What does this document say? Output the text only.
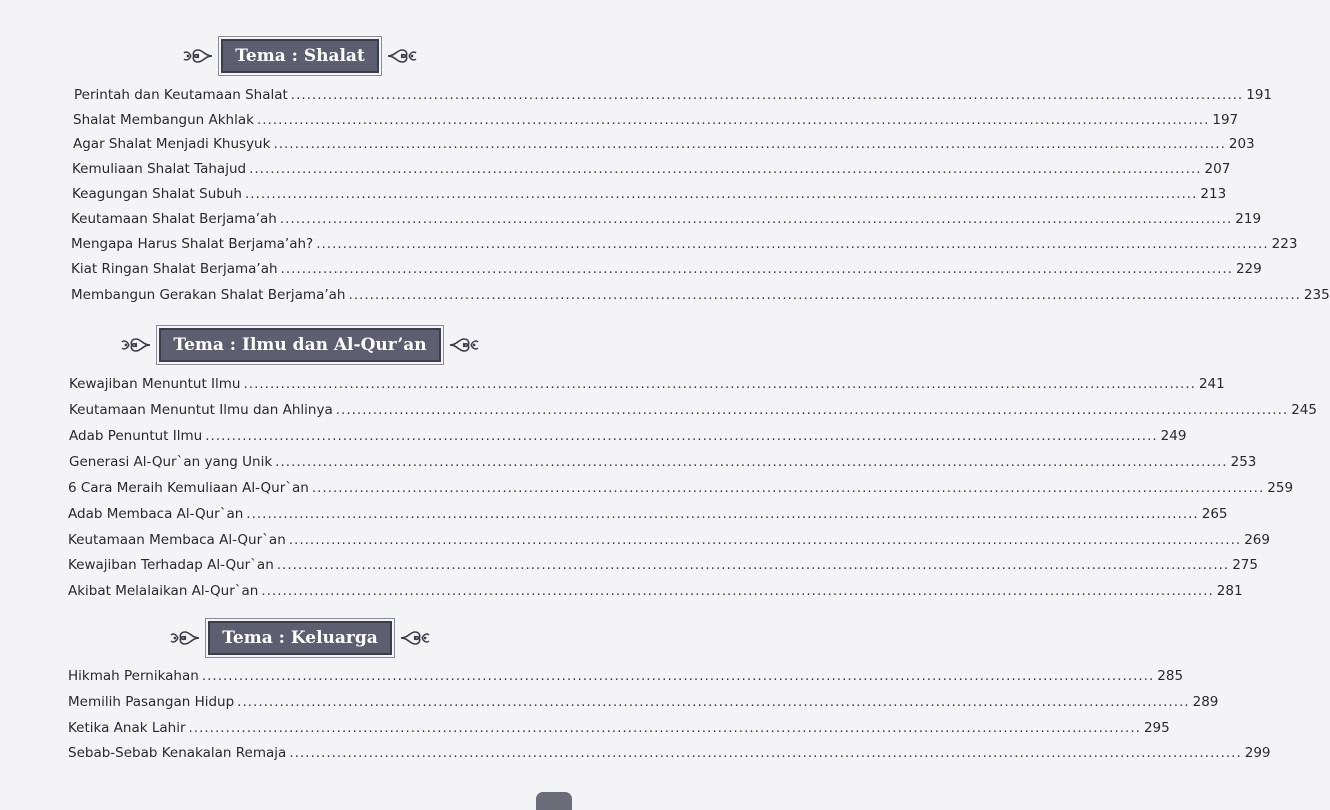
Tema : Shalat
Perintah dan Keutamaan Shalat .................................................................................................................................................................................... 191
Shalat Membangun Akhlak .................................................................................................................................................................................... 197
Agar Shalat Menjadi Khusyuk .................................................................................................................................................................................... 203
Kemuliaan Shalat Tahajud .................................................................................................................................................................................... 207
Keagungan Shalat Subuh .................................................................................................................................................................................... 213
Keutamaan Shalat Berjama’ah .................................................................................................................................................................................... 219
Mengapa Harus Shalat Berjama’ah? .................................................................................................................................................................................... 223
Kiat Ringan Shalat Berjama’ah .................................................................................................................................................................................... 229
Membangun Gerakan Shalat Berjama’ah .................................................................................................................................................................................... 235
Tema : Ilmu dan Al-Qur’an
Kewajiban Menuntut Ilmu .................................................................................................................................................................................... 241
Keutamaan Menuntut Ilmu dan Ahlinya .................................................................................................................................................................................... 245
Adab Penuntut Ilmu .................................................................................................................................................................................... 249
Generasi Al-Qur`an yang Unik .................................................................................................................................................................................... 253
6 Cara Meraih Kemuliaan Al-Qur`an .................................................................................................................................................................................... 259
Adab Membaca Al-Qur`an .................................................................................................................................................................................... 265
Keutamaan Membaca Al-Qur`an .................................................................................................................................................................................... 269
Kewajiban Terhadap Al-Qur`an .................................................................................................................................................................................... 275
Akibat Melalaikan Al-Qur`an .................................................................................................................................................................................... 281
Tema : Keluarga
Hikmah Pernikahan .................................................................................................................................................................................... 285
Memilih Pasangan Hidup .................................................................................................................................................................................... 289
Ketika Anak Lahir .................................................................................................................................................................................... 295
Sebab-Sebab Kenakalan Remaja .................................................................................................................................................................................... 299
